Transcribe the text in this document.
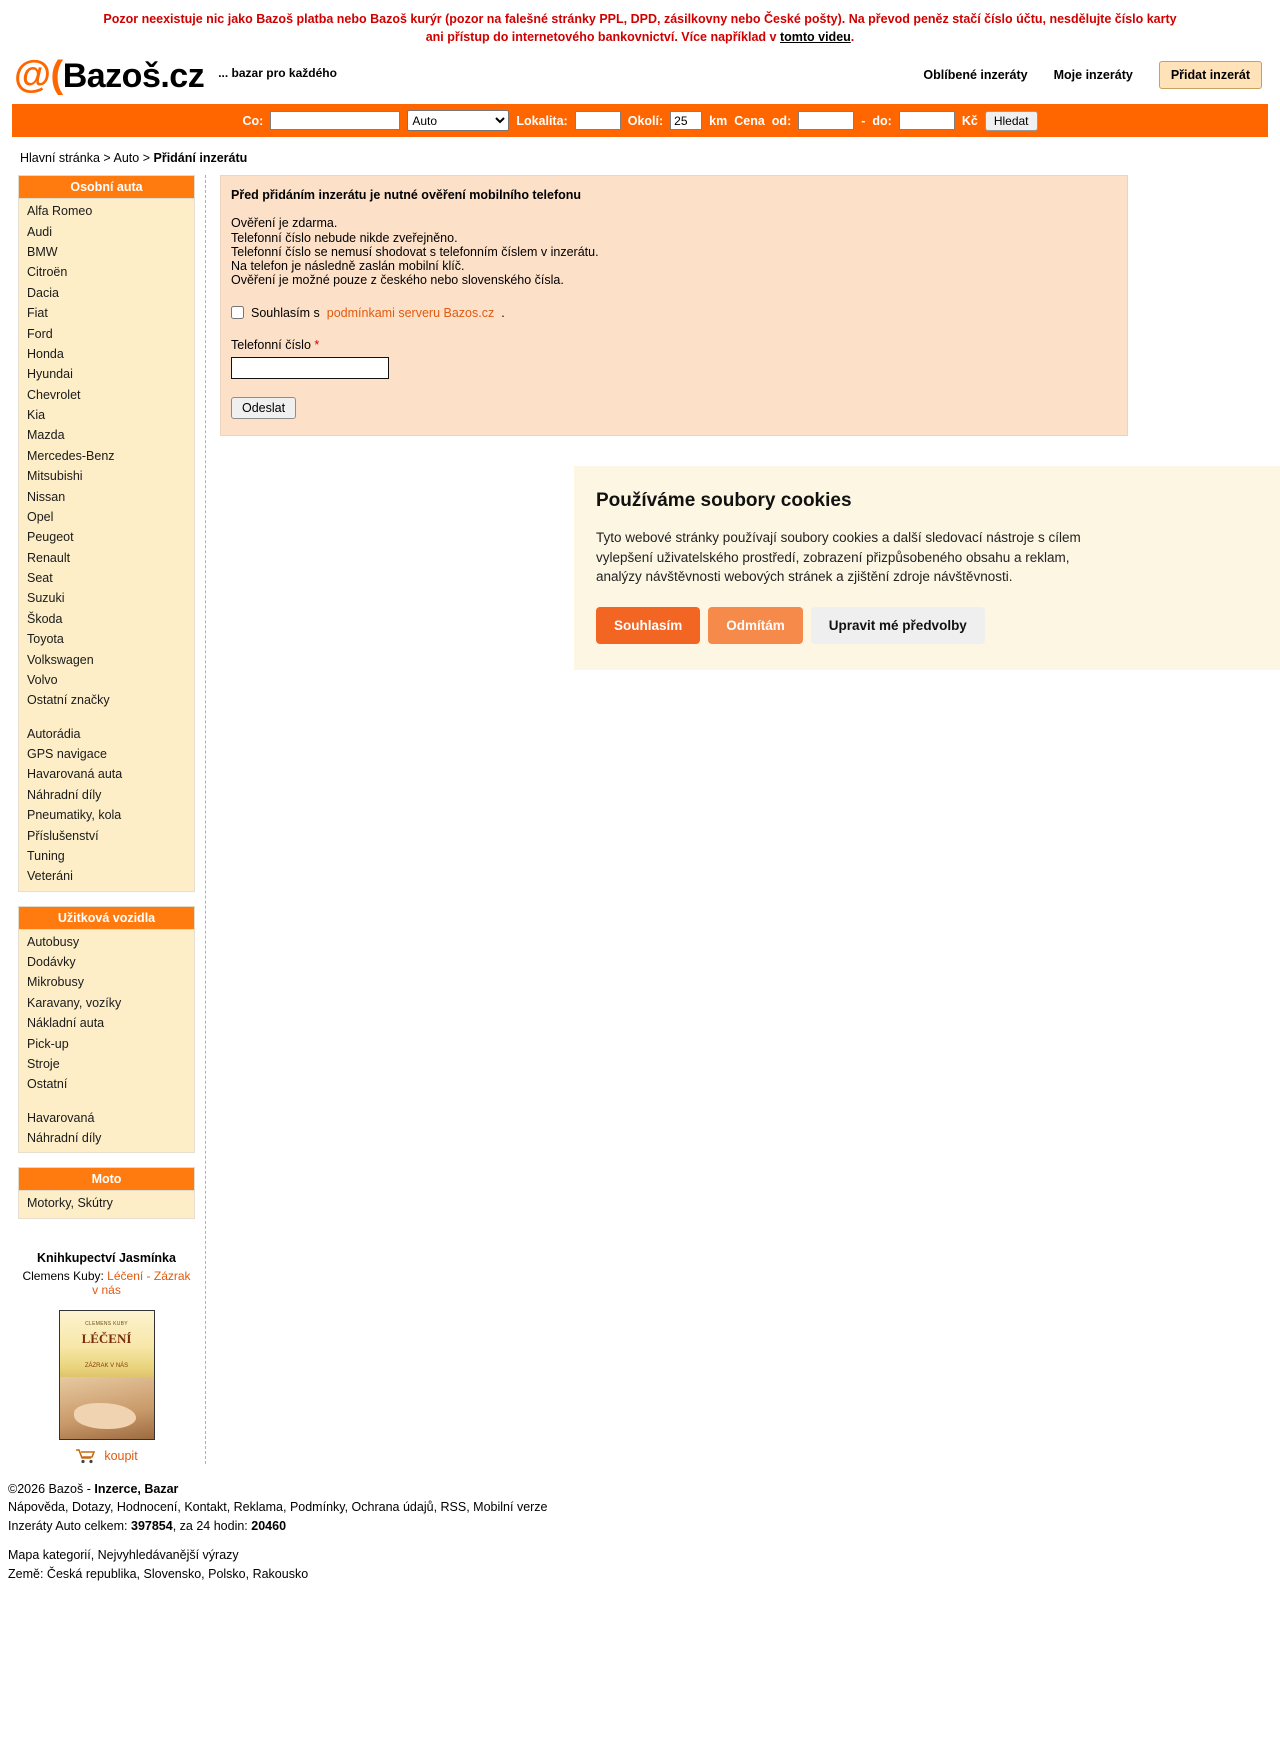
Pozor neexistuje nic jako Bazoš platba nebo Bazoš kurýr (pozor na falešné stránky PPL, DPD, zásilkovny nebo České pošty). Na převod peněz stačí číslo účtu, nesdělujte číslo karty ani přístup do internetového bankovnictví. Více například v tomto videu.
@(Bazoš.cz ... bazar pro každého	Oblíbené inzeráty Moje inzeráty	Přidat inzerát
Co:
Auto	Lokalita:	Okolí:
25	km Cena od:	- do:	Kč	Hledat
Hlavní stránka > Auto > Přidání inzerátu
Osobní auta
Alfa Romeo
Audi
BMW
Citroën
Dacia
Fiat
Ford
Honda
Hyundai
Chevrolet
Kia
Mazda
Mercedes-Benz
Mitsubishi
Nissan
Opel
Peugeot
Renault
Seat
Suzuki
Škoda
Toyota
Volkswagen
Volvo
Ostatní značky
Autorádia
GPS navigace
Havarovaná auta
Náhradní díly
Pneumatiky, kola
Příslušenství
Tuning
Veteráni
Užitková vozidla
Autobusy
Dodávky
Mikrobusy
Karavany, vozíky
Nákladní auta
Pick-up
Stroje
Ostatní
Havarovaná
Náhradní díly
Moto
Motorky, Skútry
Knihkupectví Jasmínka
Clemens Kuby: Léčení - Zázrak v nás
CLEMENS KUBY
LÉČENÍ
ZÁZRAK V NÁS
koupit
Před přidáním inzerátu je nutné ověření mobilního telefonu

Ověření je zdarma.

Telefonní číslo nebude nikde zveřejněno.

Telefonní číslo se nemusí shodovat s telefonním číslem v inzerátu.

Na telefon je následně zaslán mobilní klíč.

Ověření je možné pouze z českého nebo slovenského čísla.

Souhlasím s podmínkami serveru Bazos.cz .
Telefonní číslo *
Odeslat
Používáme soubory cookies

Tyto webové stránky používají soubory cookies a další sledovací nástroje s cílem vylepšení uživatelského prostředí, zobrazení přizpůsobeného obsahu a reklam, analýzy návštěvnosti webových stránek a zjištění zdroje návštěvnosti.

Souhlasím	Odmítám	Upravit mé předvolby
©2026 Bazoš - Inzerce, Bazar
Nápověda, Dotazy, Hodnocení, Kontakt, Reklama, Podmínky, Ochrana údajů, RSS, Mobilní verze
Inzeráty Auto celkem: 397854, za 24 hodin: 20460
Mapa kategorií, Nejvyhledávanější výrazy
Země: Česká republika, Slovensko, Polsko, Rakousko
